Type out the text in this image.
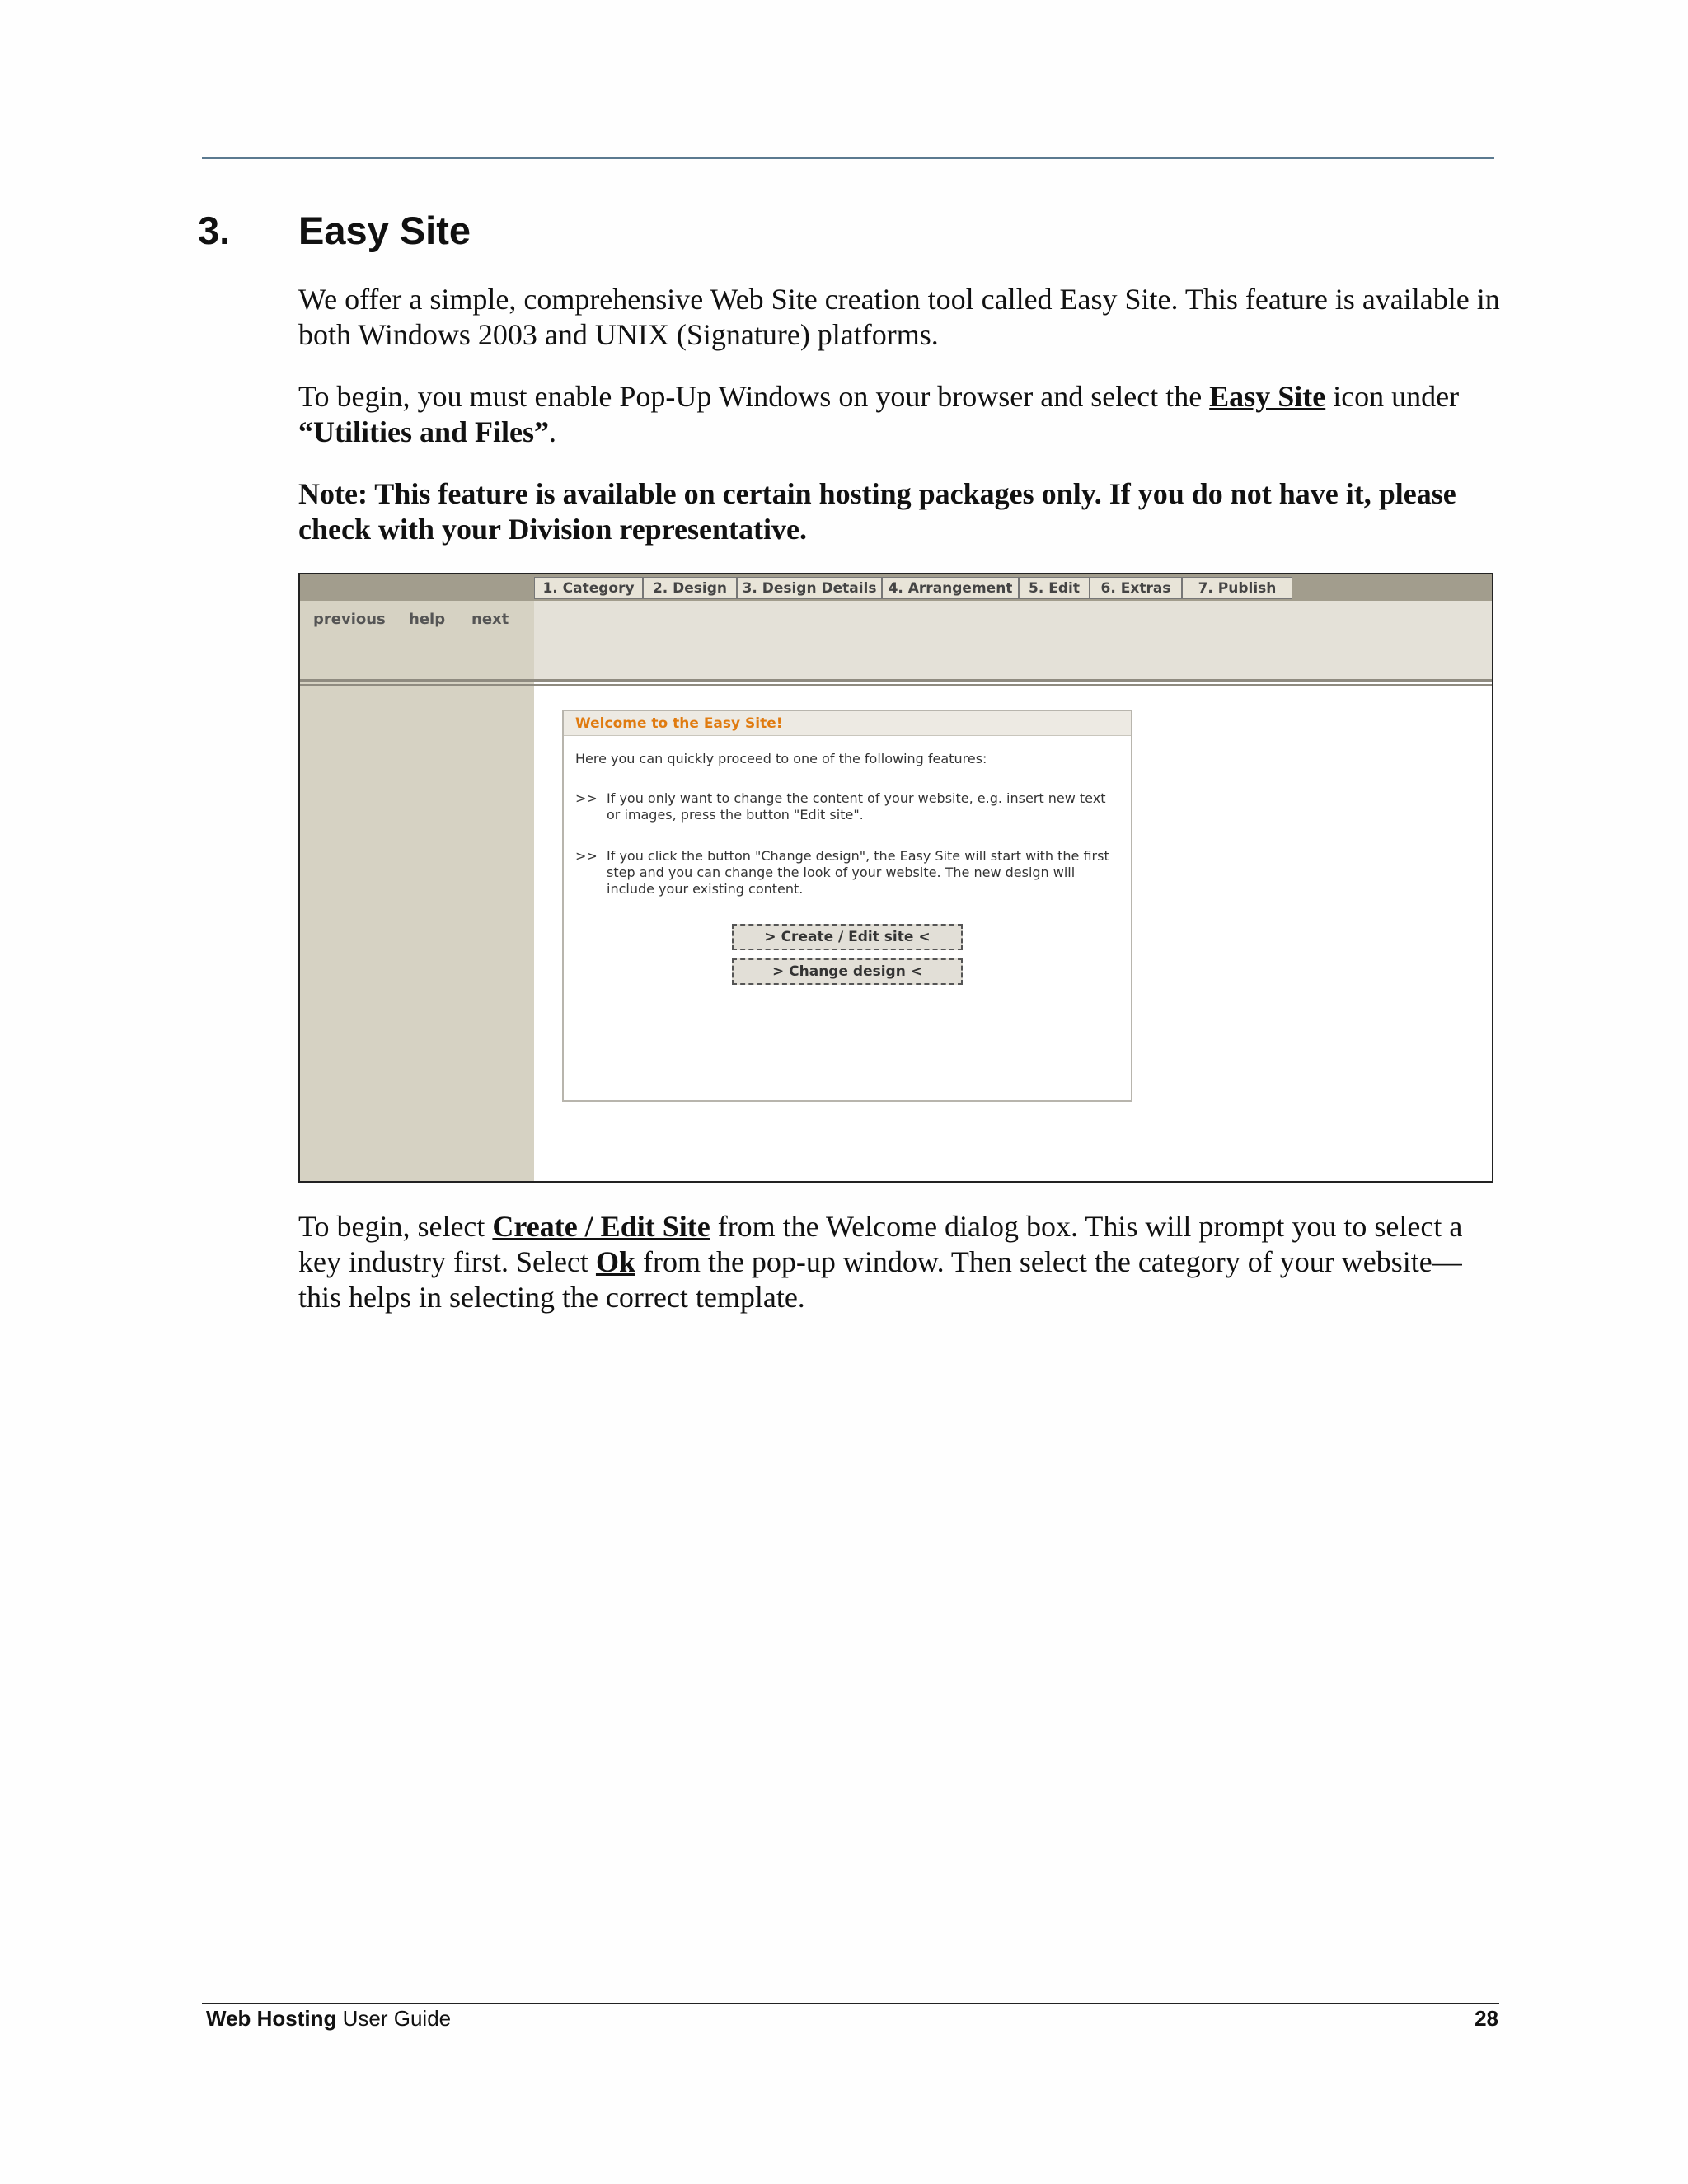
3. Easy Site

We offer a simple, comprehensive Web Site creation tool called Easy Site. This feature is available in both Windows 2003 and UNIX (Signature) platforms.

To begin, you must enable Pop-Up Windows on your browser and select the Easy Site icon under “Utilities and Files”.

Note: This feature is available on certain hosting packages only. If you do not have it, please check with your Division representative.

1. Category	2. Design	3. Design Details 4. Arrangement	5. Edit	6. Extras	7. Publish
previous help next
Welcome to the Easy Site!

Here you can quickly proceed to one of the following features:

>> If you only want to change the content of your website, e.g. insert new text or images, press the button "Edit site".

>> If you click the button "Change design", the Easy Site will start with the first step and you can change the look of your website. The new design will include your existing content.

> Create / Edit site <
> Change design <

To begin, select Create / Edit Site from the Welcome dialog box. This will prompt you to select a key industry first. Select Ok from the pop-up window. Then select the category of your website—this helps in selecting the correct template.

Web Hosting User Guide	28
